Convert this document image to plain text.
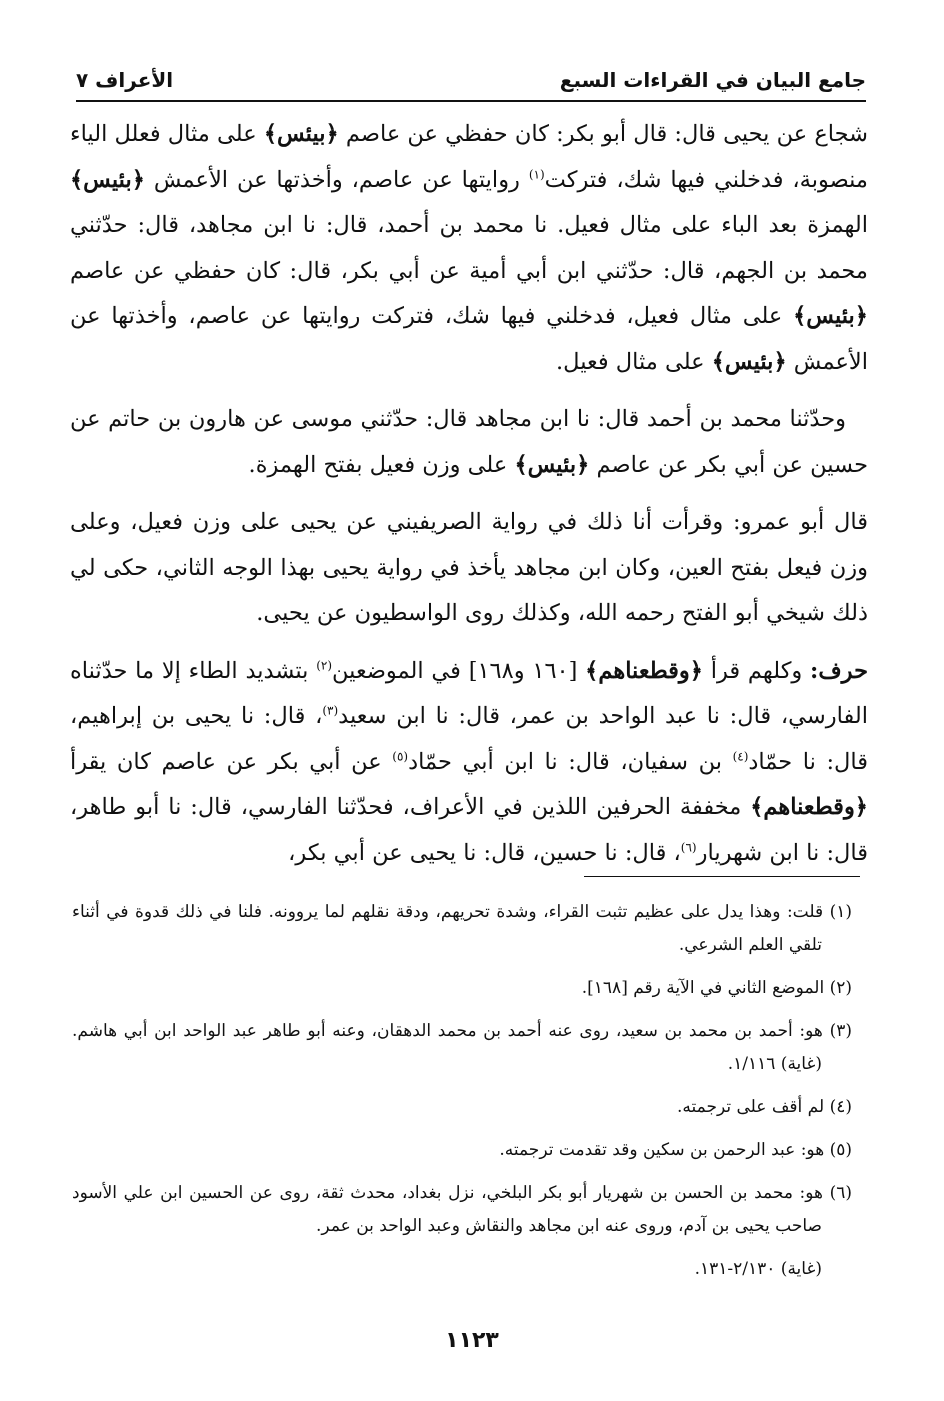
جامع البيان في القراءات السبع
الأعراف ٧

شجاع عن يحيى قال: قال أبو بكر: كان حفظي عن عاصم ﴿بيئس﴾ على مثال فعلل الياء منصوبة، فدخلني فيها شك، فتركت$^{(١)}$ روايتها عن عاصم، وأخذتها عن الأعمش ﴿بئيس﴾ الهمزة بعد الباء على مثال فعيل. نا محمد بن أحمد، قال: نا ابن مجاهد، قال: حدّثني محمد بن الجهم، قال: حدّثني ابن أبي أمية عن أبي بكر، قال: كان حفظي عن عاصم ﴿بئيس﴾ على مثال فعيل، فدخلني فيها شك، فتركت روايتها عن عاصم، وأخذتها عن الأعمش ﴿بئيس﴾ على مثال فعيل.

وحدّثنا محمد بن أحمد قال: نا ابن مجاهد قال: حدّثني موسى عن هارون بن حاتم عن حسين عن أبي بكر عن عاصم ﴿بئيس﴾ على وزن فعيل بفتح الهمزة.

قال أبو عمرو: وقرأت أنا ذلك في رواية الصريفيني عن يحيى على وزن فعيل، وعلى وزن فيعل بفتح العين، وكان ابن مجاهد يأخذ في رواية يحيى بهذا الوجه الثاني، حكى لي ذلك شيخي أبو الفتح رحمه الله، وكذلك روى الواسطيون عن يحيى.

حرف: وكلهم قرأ ﴿وقطعناهم﴾ [١٦٠ و١٦٨] في الموضعين$^{(٢)}$ بتشديد الطاء إلا ما حدّثناه الفارسي، قال: نا عبد الواحد بن عمر، قال: نا ابن سعيد$^{(٣)}$، قال: نا يحيى بن إبراهيم، قال: نا حمّاد$^{(٤)}$ بن سفيان، قال: نا ابن أبي حمّاد$^{(٥)}$ عن أبي بكر عن عاصم كان يقرأ ﴿وقطعناهم﴾ مخففة الحرفين اللذين في الأعراف، فحدّثنا الفارسي، قال: نا أبو طاهر، قال: نا ابن شهريار$^{(٦)}$، قال: نا حسين، قال: نا يحيى عن أبي بكر،

(١) قلت: وهذا يدل على عظيم تثبت القراء، وشدة تحريهم، ودقة نقلهم لما يروونه. فلنا في ذلك قدوة في أثناء تلقي العلم الشرعي.
(٢) الموضع الثاني في الآية رقم [١٦٨].
(٣) هو: أحمد بن محمد بن سعيد، روى عنه أحمد بن محمد الدهقان، وعنه أبو طاهر عبد الواحد ابن أبي هاشم. (غاية) ١/١١٦.
(٤) لم أقف على ترجمته.
(٥) هو: عبد الرحمن بن سكين وقد تقدمت ترجمته.
(٦) هو: محمد بن الحسن بن شهريار أبو بكر البلخي، نزل بغداد، محدث ثقة، روى عن الحسين ابن علي الأسود صاحب يحيى بن آدم، وروى عنه ابن مجاهد والنقاش وعبد الواحد بن عمر.
(غاية) ٢/١٣٠-١٣١.
١١٢٣
